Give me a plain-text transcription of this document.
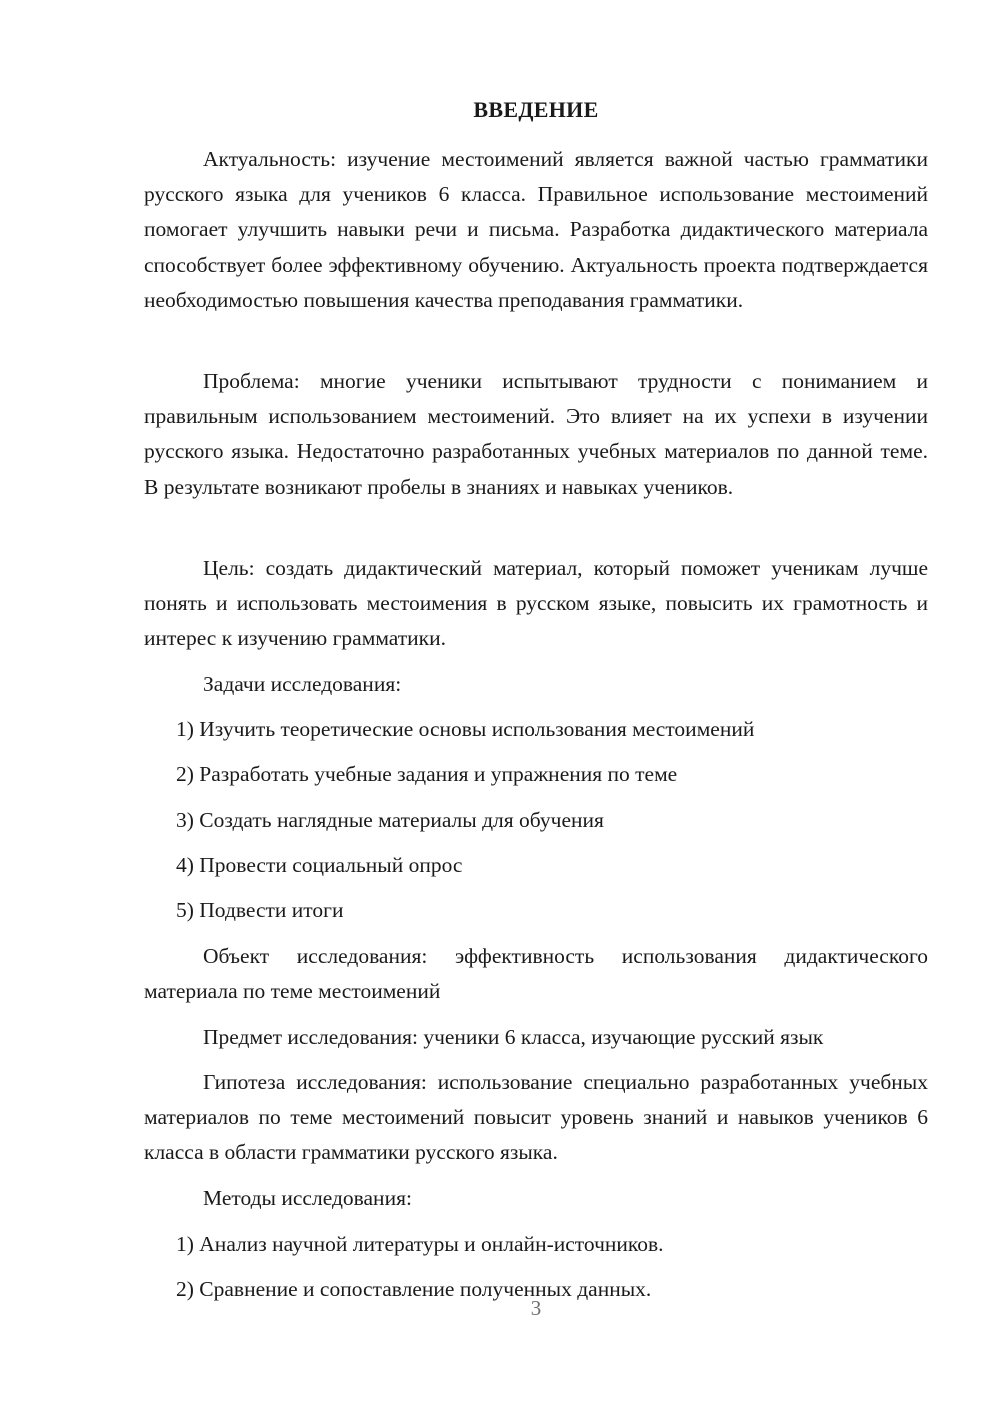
ВВЕДЕНИЕ

Актуальность: изучение местоимений является важной частью грамматики русского языка для учеников 6 класса. Правильное использование местоимений помогает улучшить навыки речи и письма. Разработка дидактического материала способствует более эффективному обучению. Актуальность проекта подтверждается необходимостью повышения качества преподавания грамматики.

Проблема: многие ученики испытывают трудности с пониманием и правильным использованием местоимений. Это влияет на их успехи в изучении русского языка. Недостаточно разработанных учебных материалов по данной теме. В результате возникают пробелы в знаниях и навыках учеников.

Цель: создать дидактический материал, который поможет ученикам лучше понять и использовать местоимения в русском языке, повысить их грамотность и интерес к изучению грамматики.

Задачи исследования:
1) Изучить теоретические основы использования местоимений
2) Разработать учебные задания и упражнения по теме
3) Создать наглядные материалы для обучения
4) Провести социальный опрос
5) Подвести итоги

Объект исследования: эффективность использования дидактического материала по теме местоимений

Предмет исследования: ученики 6 класса, изучающие русский язык

Гипотеза исследования: использование специально разработанных учебных материалов по теме местоимений повысит уровень знаний и навыков учеников 6 класса в области грамматики русского языка.

Методы исследования:
1) Анализ научной литературы и онлайн-источников.
2) Сравнение и сопоставление полученных данных.
3
